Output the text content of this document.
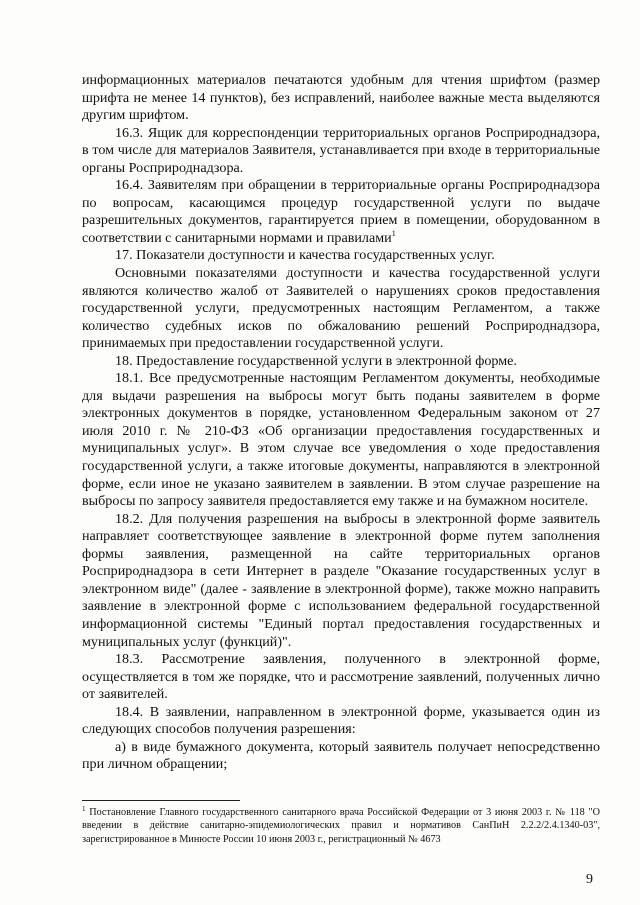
информационных материалов печатаются удобным для чтения шрифтом (размер шрифта не менее 14 пунктов), без исправлений, наиболее важные места выделяются другим шрифтом.

16.3. Ящик для корреспонденции территориальных органов Росприроднадзора, в том числе для материалов Заявителя, устанавливается при входе в территориальные органы Росприроднадзора.

16.4. Заявителям при обращении в территориальные органы Росприроднадзора по вопросам, касающимся процедур государственной услуги по выдаче разрешительных документов, гарантируется прием в помещении, оборудованном в соответствии с санитарными нормами и правилами$^1$

17. Показатели доступности и качества государственных услуг.

Основными показателями доступности и качества государственной услуги являются количество жалоб от Заявителей о нарушениях сроков предоставления государственной услуги, предусмотренных настоящим Регламентом, а также количество судебных исков по обжалованию решений Росприроднадзора, принимаемых при предоставлении государственной услуги.

18. Предоставление государственной услуги в электронной форме.

18.1. Все предусмотренные настоящим Регламентом документы, необходимые для выдачи разрешения на выбросы могут быть поданы заявителем в форме электронных документов в порядке, установленном Федеральным законом от 27 июля 2010 г. № 210-ФЗ «Об организации предоставления государственных и муниципальных услуг». В этом случае все уведомления о ходе предоставления государственной услуги, а также итоговые документы, направляются в электронной форме, если иное не указано заявителем в заявлении. В этом случае разрешение на выбросы по запросу заявителя предоставляется ему также и на бумажном носителе.

18.2. Для получения разрешения на выбросы в электронной форме заявитель направляет соответствующее заявление в электронной форме путем заполнения формы заявления, размещенной на сайте территориальных органов Росприроднадзора в сети Интернет в разделе "Оказание государственных услуг в электронном виде" (далее - заявление в электронной форме), также можно направить заявление в электронной форме с использованием федеральной государственной информационной системы "Единый портал предоставления государственных и муниципальных услуг (функций)".

18.3. Рассмотрение заявления, полученного в электронной форме, осуществляется в том же порядке, что и рассмотрение заявлений, полученных лично от заявителей.

18.4. В заявлении, направленном в электронной форме, указывается один из следующих способов получения разрешения:

а) в виде бумажного документа, который заявитель получает непосредственно при личном обращении;

$^1$ Постановление Главного государственного санитарного врача Российской Федерации от 3 июня 2003 г. № 118 "О введении в действие санитарно-эпидемиологических правил и нормативов СанПиН 2.2.2/2.4.1340-03", зарегистрированное в Минюсте России 10 июня 2003 г., регистрационный № 4673

9
